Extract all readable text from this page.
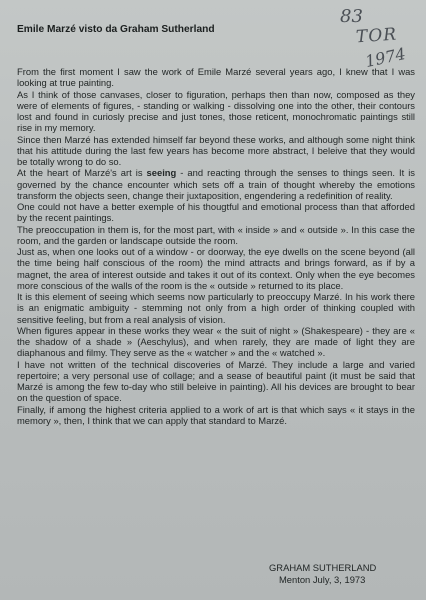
Emile Marzé visto da Graham Sutherland
83
TOR
1974

From the first moment I saw the work of Emile Marzé several years ago, I knew that I was looking at true painting.

As I think of those canvases, closer to figuration, perhaps then than now, composed as they were of elements of figures, - standing or walking - dissolving one into the other, their contours lost and found in curiosly precise and just tones, those reticent, monochromatic paintings still rise in my memory.

Since then Marzé has extended himself far beyond these works, and although some night think that his attitude during the last few years has become more abstract, I beleive that they would be totally wrong to do so.

At the heart of Marzé's art is seeing - and reacting through the senses to things seen. It is governed by the chance encounter which sets off a train of thought whereby the emotions transform the objects seen, change their juxtaposition, engendering a redefinition of reality.

One could not have a better exemple of his thougtful and emotional process than that afforded by the recent paintings.

The preoccupation in them is, for the most part, with « inside » and « outside ». In this case the room, and the garden or landscape outside the room.

Just as, when one looks out of a window - or doorway, the eye dwells on the scene beyond (all the time being half conscious of the room) the mind attracts and brings forward, as if by a magnet, the area of interest outside and takes it out of its context. Only when the eye becomes more conscious of the walls of the room is the « outside » returned to its place.

It is this element of seeing which seems now particularly to preoccupy Marzé. In his work there is an enigmatic ambiguity - stemming not only from a high order of thinking coupled with sensitive feeling, but from a real analysis of vision.

When figures appear in these works they wear « the suit of night » (Shakespeare) - they are « the shadow of a shade » (Aeschylus), and when rarely, they are made of light they are diaphanous and filmy. They serve as the « watcher » and the « watched ».

I have not written of the technical discoveries of Marzé. They include a large and varied repertoire; a very personal use of collage; and a sease of beautiful paint (it must be said that Marzé is among the few to-day who still beleive in painting). All his devices are brought to bear on the question of space.

Finally, if among the highest criteria applied to a work of art is that which says « it stays in the memory », then, I think that we can apply that standard to Marzé.

GRAHAM SUTHERLAND
Menton July, 3, 1973
